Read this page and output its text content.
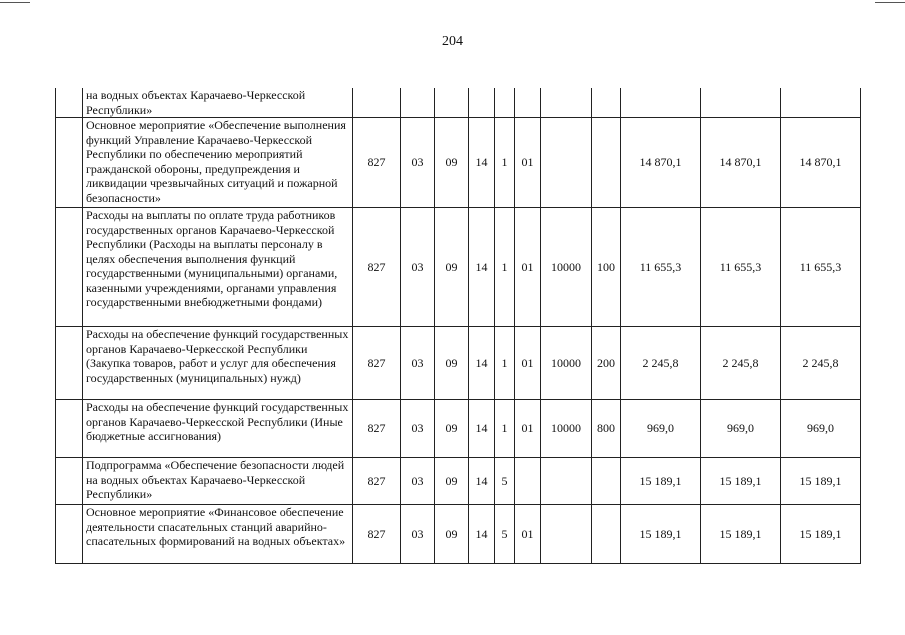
204
	на водных объектах Карачаево-Черкесской Республики»											
	Основное мероприятие «Обеспечение выполнения функций Управление Карачаево-Черкесской Республики по обеспечению мероприятий гражданской обороны, предупреждения и ликвидации чрезвычайных ситуаций и пожарной безопасности»	827	03	09	14	1	01			14 870,1	14 870,1	14 870,1
	Расходы на выплаты по оплате труда работников государственных органов Карачаево-Черкесской Республики (Расходы на выплаты персоналу в целях обеспечения выполнения функций государственными (муниципальными) органами, казенными учреждениями, органами управления государственными внебюджетными фондами)	827	03	09	14	1	01	10000	100	11 655,3	11 655,3	11 655,3
	Расходы на обеспечение функций государственных органов Карачаево-Черкесской Республики (Закупка товаров, работ и услуг для обеспечения государственных (муниципальных) нужд)	827	03	09	14	1	01	10000	200	2 245,8	2 245,8	2 245,8
	Расходы на обеспечение функций государственных органов Карачаево-Черкесской Республики (Иные бюджетные ассигнования)	827	03	09	14	1	01	10000	800	969,0	969,0	969,0
	Подпрограмма «Обеспечение безопасности людей на водных объектах Карачаево-Черкесской Республики»	827	03	09	14	5				15 189,1	15 189,1	15 189,1
	Основное мероприятие «Финансовое обеспечение деятельности спасательных станций аварийно-спасательных формирований на водных объектах»	827	03	09	14	5	01			15 189,1	15 189,1	15 189,1
